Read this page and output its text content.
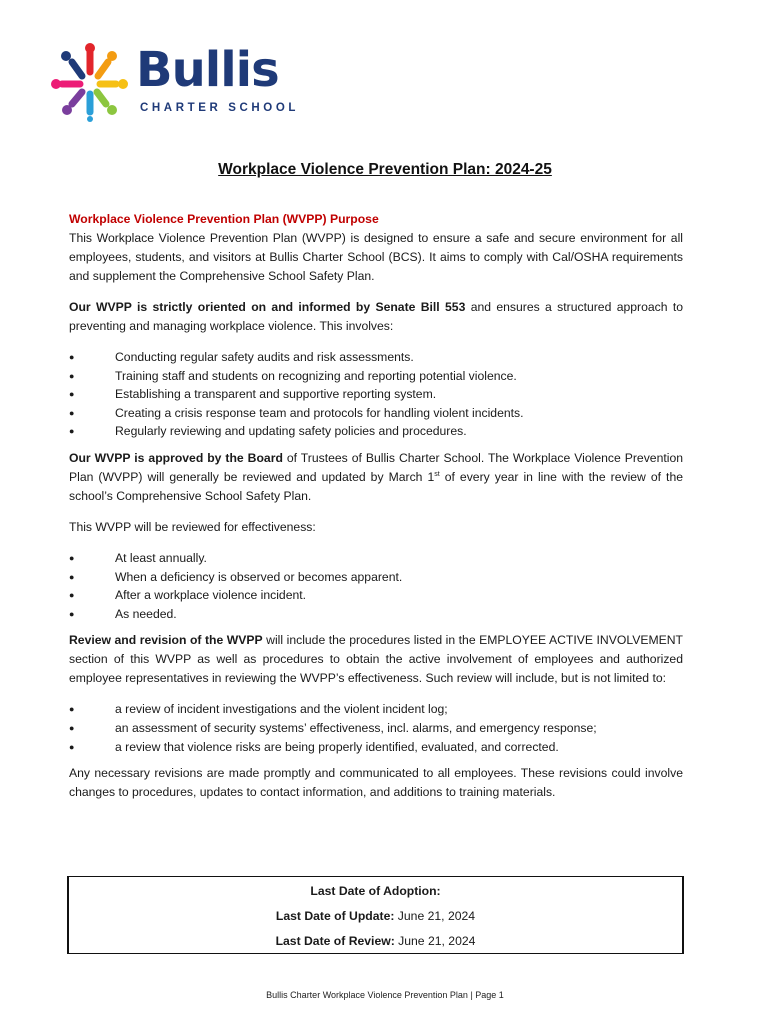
Bullis
CHARTER SCHOOL
Workplace Violence Prevention Plan: 2024-25

Workplace Violence Prevention Plan (WVPP) Purpose
This Workplace Violence Prevention Plan (WVPP) is designed to ensure a safe and secure environment for all employees, students, and visitors at Bullis Charter School (BCS). It aims to comply with Cal/OSHA requirements and supplement the Comprehensive School Safety Plan.

Our WVPP is strictly oriented on and informed by Senate Bill 553 and ensures a structured approach to preventing and managing workplace violence. This involves:

● Conducting regular safety audits and risk assessments.
● Training staff and students on recognizing and reporting potential violence.
● Establishing a transparent and supportive reporting system.
● Creating a crisis response team and protocols for handling violent incidents.
● Regularly reviewing and updating safety policies and procedures.

Our WVPP is approved by the Board of Trustees of Bullis Charter School. The Workplace Violence Prevention Plan (WVPP) will generally be reviewed and updated by March 1st of every year in line with the review of the school’s Comprehensive School Safety Plan.

This WVPP will be reviewed for effectiveness:

● At least annually.
● When a deficiency is observed or becomes apparent.
● After a workplace violence incident.
● As needed.

Review and revision of the WVPP will include the procedures listed in the EMPLOYEE ACTIVE INVOLVEMENT section of this WVPP as well as procedures to obtain the active involvement of employees and authorized employee representatives in reviewing the WVPP’s effectiveness. Such review will include, but is not limited to:

● a review of incident investigations and the violent incident log;
● an assessment of security systems’ effectiveness, incl. alarms, and emergency response;
● a review that violence risks are being properly identified, evaluated, and corrected.

Any necessary revisions are made promptly and communicated to all employees. These revisions could involve changes to procedures, updates to contact information, and additions to training materials.

Last Date of Adoption:
Last Date of Update: June 21, 2024
Last Date of Review: June 21, 2024
Bullis Charter Workplace Violence Prevention Plan | Page 1
